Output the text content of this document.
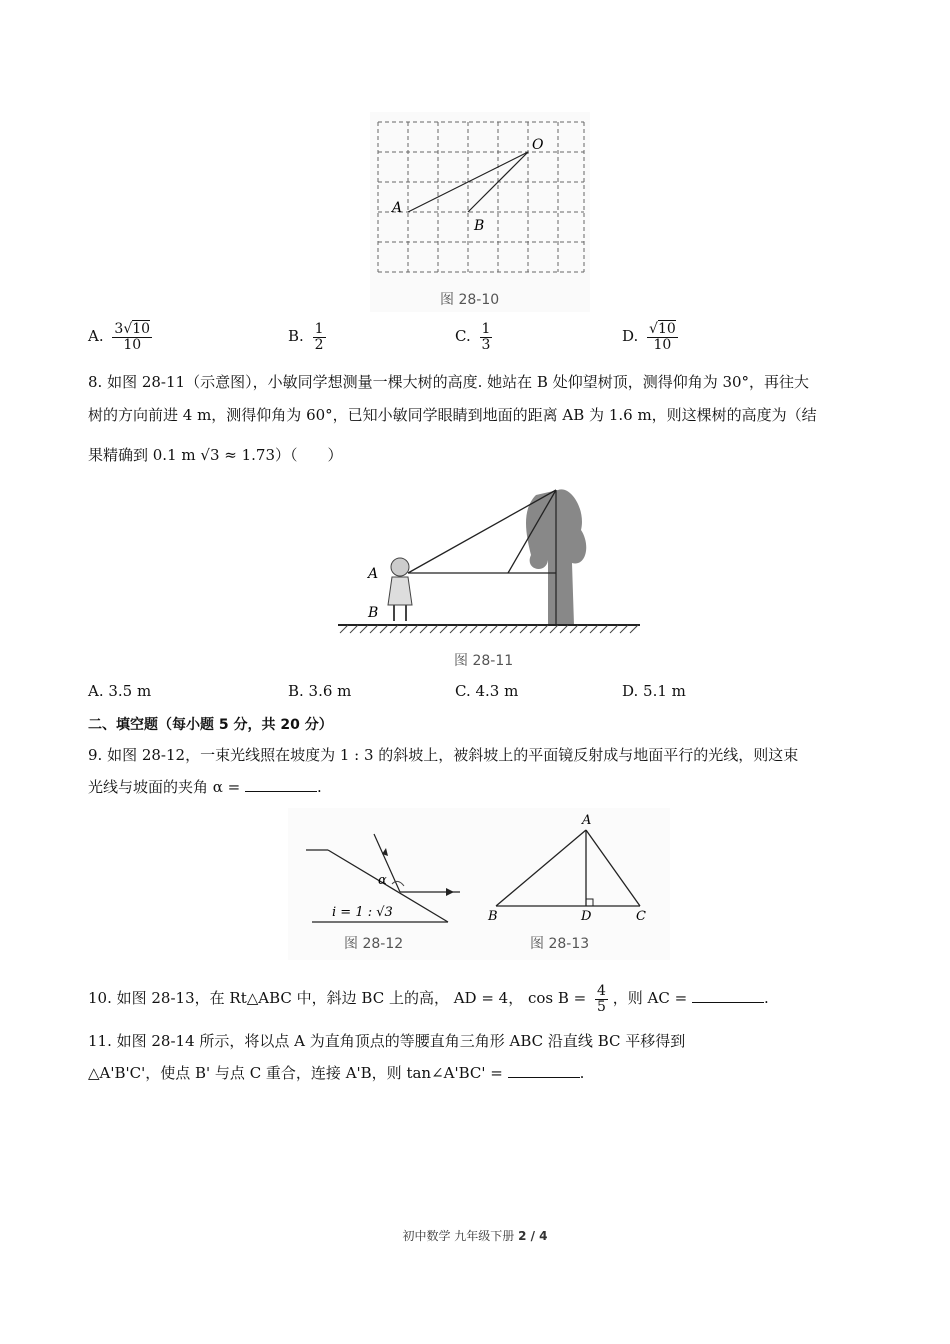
O
A
B
图 28-10
A. $\frac{3√10}{10}$	B. $\frac{1}{2}$	C. $\frac{1}{3}$	D. $\frac{√10}{10}$
8. 如图 28-11（示意图），小敏同学想测量一棵大树的高度. 她站在 B 处仰望树顶，测得仰角为 30°，再往大
树的方向前进 4 m，测得仰角为 60°，已知小敏同学眼睛到地面的距离 AB 为 1.6 m，则这棵树的高度为（结
果精确到 0.1 m √3 ≈ 1.73）（　　）
A
B
图 28-11
A. 3.5 m	B. 3.6 m	C. 4.3 m	D. 5.1 m
二、填空题（每小题 5 分，共 20 分）
9. 如图 28-12，一束光线照在坡度为 1 : 3 的斜坡上，被斜坡上的平面镜反射成与地面平行的光线，则这束
光线与坡面的夹角 α =	.
α
i = 1 : √3
图 28-12
A
B	D	C
图 28-13
10. 如图 28-13，在 Rt△ABC 中，斜边 BC 上的高， AD = 4， $\cos B = \frac{4}{5}$ ，则 AC =	.
11. 如图 28-14 所示，将以点 A 为直角顶点的等腰直角三角形 ABC 沿直线 BC 平移得到
△A'B'C'，使点 B' 与点 C 重合，连接 A'B，则 tan∠A'BC' =	.
初中数学 九年级下册 2 / 4
